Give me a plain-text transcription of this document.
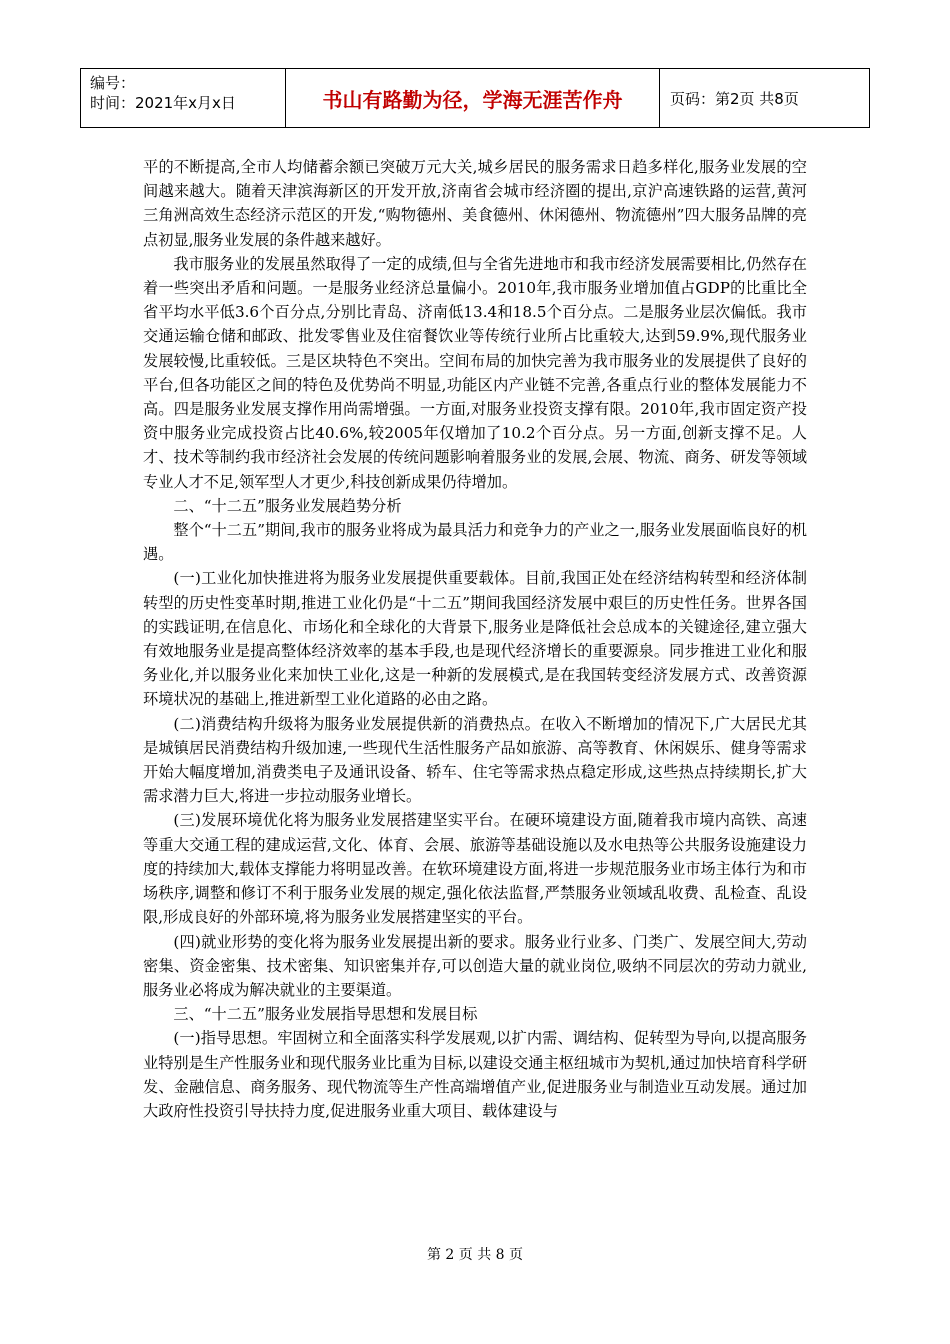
编号：
时间：2021年x月x日	书山有路勤为径，学海无涯苦作舟	页码：第2页 共8页

平的不断提高,全市人均储蓄余额已突破万元大关,城乡居民的服务需求日趋多样化,服务业发展的空间越来越大。随着天津滨海新区的开发开放,济南省会城市经济圈的提出,京沪高速铁路的运营,黄河三角洲高效生态经济示范区的开发,“购物德州、美食德州、休闲德州、物流德州”四大服务品牌的亮点初显,服务业发展的条件越来越好。

我市服务业的发展虽然取得了一定的成绩,但与全省先进地市和我市经济发展需要相比,仍然存在着一些突出矛盾和问题。一是服务业经济总量偏小。2010年,我市服务业增加值占GDP的比重比全省平均水平低3.6个百分点,分别比青岛、济南低13.4和18.5个百分点。二是服务业层次偏低。我市交通运输仓储和邮政、批发零售业及住宿餐饮业等传统行业所占比重较大,达到59.9%,现代服务业发展较慢,比重较低。三是区块特色不突出。空间布局的加快完善为我市服务业的发展提供了良好的平台,但各功能区之间的特色及优势尚不明显,功能区内产业链不完善,各重点行业的整体发展能力不高。四是服务业发展支撑作用尚需增强。一方面,对服务业投资支撑有限。2010年,我市固定资产投资中服务业完成投资占比40.6%,较2005年仅增加了10.2个百分点。另一方面,创新支撑不足。人才、技术等制约我市经济社会发展的传统问题影响着服务业的发展,会展、物流、商务、研发等领域专业人才不足,领军型人才更少,科技创新成果仍待增加。

二、“十二五”服务业发展趋势分析

整个“十二五”期间,我市的服务业将成为最具活力和竞争力的产业之一,服务业发展面临良好的机遇。

(一)工业化加快推进将为服务业发展提供重要载体。目前,我国正处在经济结构转型和经济体制转型的历史性变革时期,推进工业化仍是“十二五”期间我国经济发展中艰巨的历史性任务。世界各国的实践证明,在信息化、市场化和全球化的大背景下,服务业是降低社会总成本的关键途径,建立强大有效地服务业是提高整体经济效率的基本手段,也是现代经济增长的重要源泉。同步推进工业化和服务业化,并以服务业化来加快工业化,这是一种新的发展模式,是在我国转变经济发展方式、改善资源环境状况的基础上,推进新型工业化道路的必由之路。

(二)消费结构升级将为服务业发展提供新的消费热点。在收入不断增加的情况下,广大居民尤其是城镇居民消费结构升级加速,一些现代生活性服务产品如旅游、高等教育、休闲娱乐、健身等需求开始大幅度增加,消费类电子及通讯设备、轿车、住宅等需求热点稳定形成,这些热点持续期长,扩大需求潜力巨大,将进一步拉动服务业增长。

(三)发展环境优化将为服务业发展搭建坚实平台。在硬环境建设方面,随着我市境内高铁、高速等重大交通工程的建成运营,文化、体育、会展、旅游等基础设施以及水电热等公共服务设施建设力度的持续加大,载体支撑能力将明显改善。在软环境建设方面,将进一步规范服务业市场主体行为和市场秩序,调整和修订不利于服务业发展的规定,强化依法监督,严禁服务业领域乱收费、乱检查、乱设限,形成良好的外部环境,将为服务业发展搭建坚实的平台。

(四)就业形势的变化将为服务业发展提出新的要求。服务业行业多、门类广、发展空间大,劳动密集、资金密集、技术密集、知识密集并存,可以创造大量的就业岗位,吸纳不同层次的劳动力就业,服务业必将成为解决就业的主要渠道。

三、“十二五”服务业发展指导思想和发展目标

(一)指导思想。牢固树立和全面落实科学发展观,以扩内需、调结构、促转型为导向,以提高服务业特别是生产性服务业和现代服务业比重为目标,以建设交通主枢纽城市为契机,通过加快培育科学研发、金融信息、商务服务、现代物流等生产性高端增值产业,促进服务业与制造业互动发展。通过加大政府性投资引导扶持力度,促进服务业重大项目、载体建设与

第 2 页 共 8 页
